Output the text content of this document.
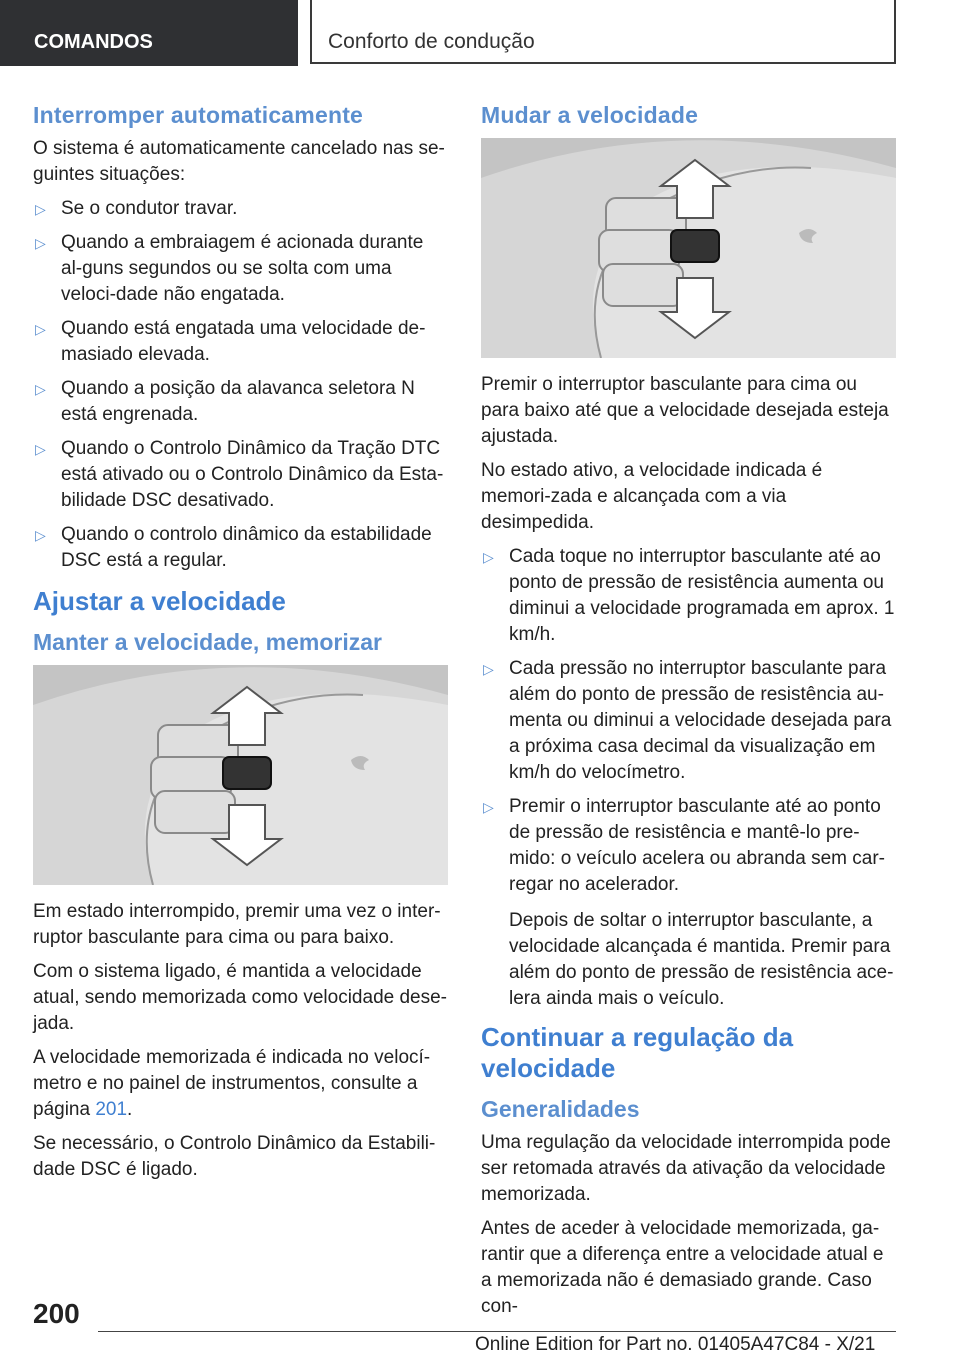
COMANDOS	Conforto de condução
Interromper automaticamente

O sistema é automaticamente cancelado nas se-guintes situações:

▷ Se o condutor travar.
▷ Quando a embraiagem é acionada durante al-guns segundos ou se solta com uma veloci-dade não engatada.
▷ Quando está engatada uma velocidade de-masiado elevada.
▷ Quando a posição da alavanca seletora N está engrenada.
▷ Quando o Controlo Dinâmico da Tração DTC está ativado ou o Controlo Dinâmico da Esta-bilidade DSC desativado.
▷ Quando o controlo dinâmico da estabilidade DSC está a regular.
Ajustar a velocidade
Manter a velocidade, memorizar

Em estado interrompido, premir uma vez o inter-ruptor basculante para cima ou para baixo.

Com o sistema ligado, é mantida a velocidade atual, sendo memorizada como velocidade dese-jada.

A velocidade memorizada é indicada no velocí-metro e no painel de instrumentos, consulte a página 201.

Se necessário, o Controlo Dinâmico da Estabili-dade DSC é ligado.

Mudar a velocidade

Premir o interruptor basculante para cima ou para baixo até que a velocidade desejada esteja ajustada.

No estado ativo, a velocidade indicada é memori-zada e alcançada com a via desimpedida.

▷ Cada toque no interruptor basculante até ao ponto de pressão de resistência aumenta ou diminui a velocidade programada em aprox. 1 km/h.
▷ Cada pressão no interruptor basculante para além do ponto de pressão de resistência au-menta ou diminui a velocidade desejada para a próxima casa decimal da visualização em km/h do velocímetro.
▷ Premir o interruptor basculante até ao ponto de pressão de resistência e mantê-lo pre-mido: o veículo acelera ou abranda sem car-regar no acelerador.

Depois de soltar o interruptor basculante, a velocidade alcançada é mantida. Premir para além do ponto de pressão de resistência ace-lera ainda mais o veículo.

Continuar a regulação da velocidade
Generalidades

Uma regulação da velocidade interrompida pode ser retomada através da ativação da velocidade memorizada.

Antes de aceder à velocidade memorizada, ga-rantir que a diferença entre a velocidade atual e a memorizada não é demasiado grande. Caso con-

200
Online Edition for Part no. 01405A47C84 - X/21
